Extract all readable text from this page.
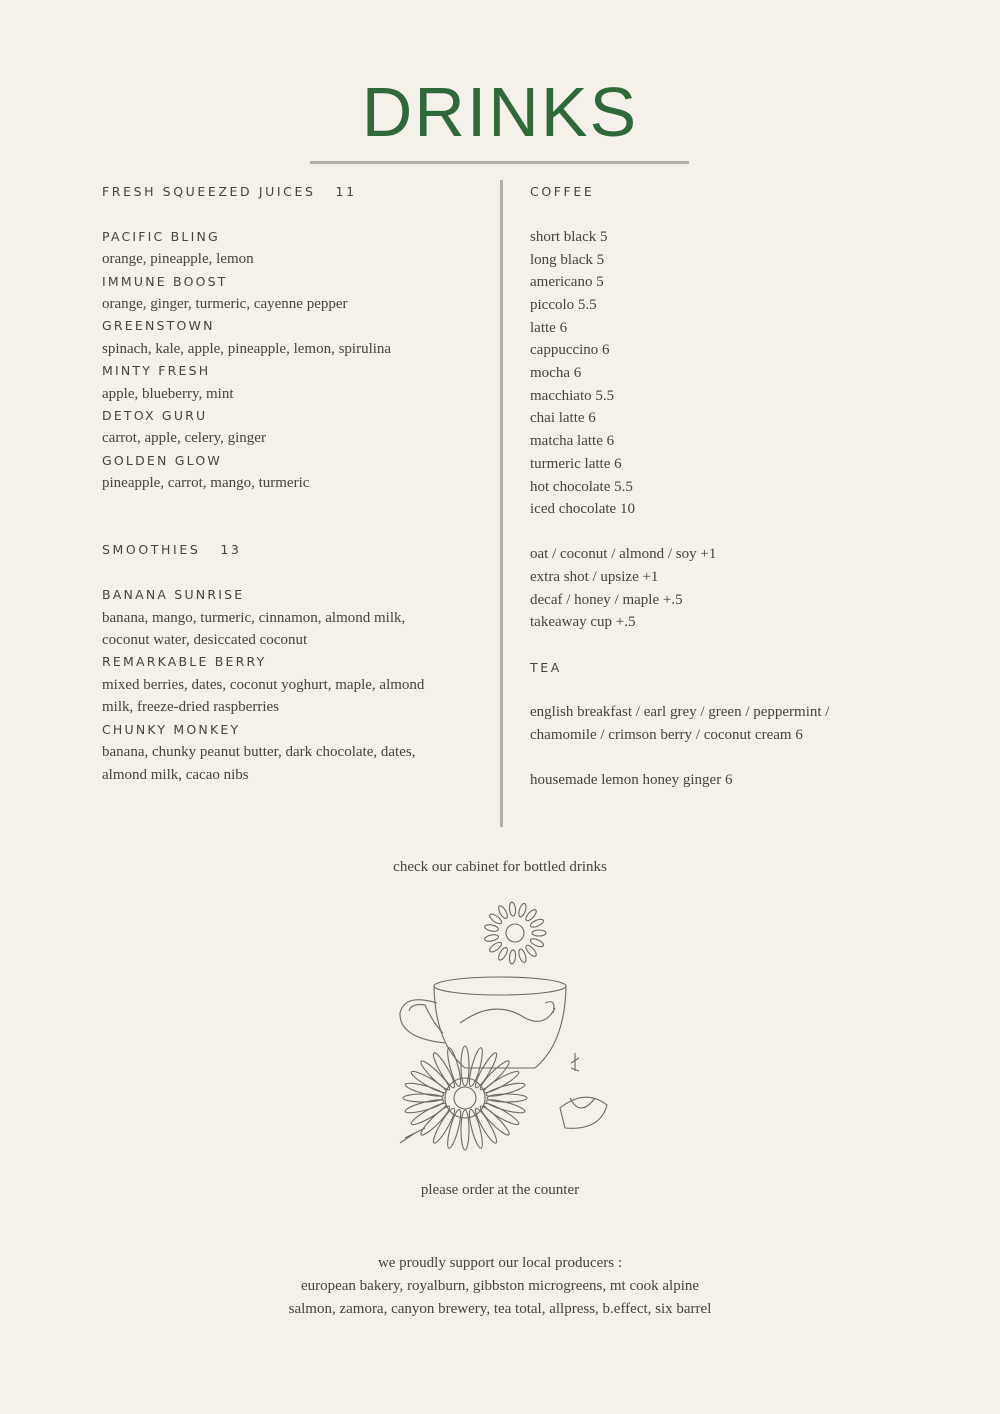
DRINKS
FRESH SQUEEZED JUICES 11
PACIFIC BLING
orange, pineapple, lemon
IMMUNE BOOST
orange, ginger, turmeric, cayenne pepper
GREENSTOWN
spinach, kale, apple, pineapple, lemon, spirulina
MINTY FRESH
apple, blueberry, mint
DETOX GURU
carrot, apple, celery, ginger
GOLDEN GLOW
pineapple, carrot, mango, turmeric
SMOOTHIES 13
BANANA SUNRISE
banana, mango, turmeric, cinnamon, almond milk,
coconut water, desiccated coconut
REMARKABLE BERRY
mixed berries, dates, coconut yoghurt, maple, almond
milk, freeze-dried raspberries
CHUNKY MONKEY
banana, chunky peanut butter, dark chocolate, dates,
almond milk, cacao nibs
COFFEE
short black 5
long black 5
americano 5
piccolo 5.5
latte 6
cappuccino 6
mocha 6
macchiato 5.5
chai latte 6
matcha latte 6
turmeric latte 6
hot chocolate 5.5
iced chocolate 10
oat / coconut / almond / soy +1
extra shot / upsize +1
decaf / honey / maple +.5
takeaway cup +.5
TEA
english breakfast / earl grey / green / peppermint /
chamomile / crimson berry / coconut cream 6
housemade lemon honey ginger 6
check our cabinet for bottled drinks
please order at the counter
we proudly support our local producers :
european bakery, royalburn, gibbston microgreens, mt cook alpine
salmon, zamora, canyon brewery, tea total, allpress, b.effect, six barrel
